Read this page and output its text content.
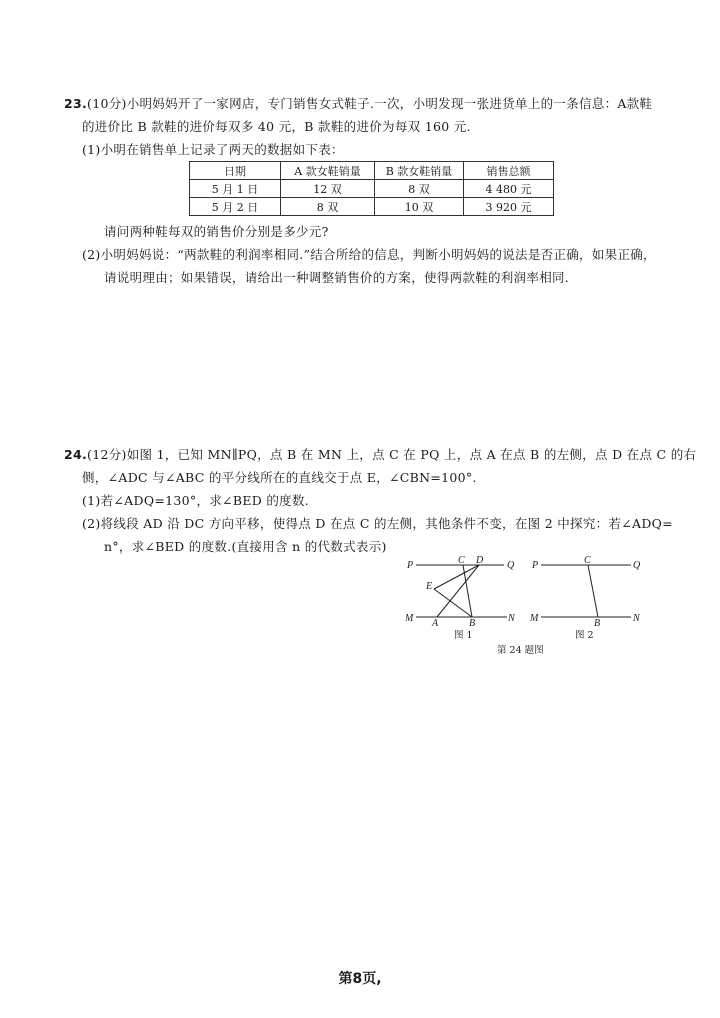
23.(10分)小明妈妈开了一家网店，专门销售女式鞋子.一次，小明发现一张进货单上的一条信息：A款鞋
的进价比 B 款鞋的进价每双多 40 元，B 款鞋的进价为每双 160 元.
(1)小明在销售单上记录了两天的数据如下表：
日期	A 款女鞋销量	B 款女鞋销量	销售总额
5 月 1 日	12 双	8 双	4 480 元
5 月 2 日	8 双	10 双	3 920 元
请问两种鞋每双的销售价分别是多少元?
(2)小明妈妈说：“两款鞋的利润率相同.”结合所给的信息，判断小明妈妈的说法是否正确，如果正确，
请说明理由；如果错误，请给出一种调整销售价的方案，使得两款鞋的利润率相同.
24.(12分)如图 1，已知 MN∥PQ，点 B 在 MN 上，点 C 在 PQ 上，点 A 在点 B 的左侧，点 D 在点 C 的右
侧，∠ADC 与∠ABC 的平分线所在的直线交于点 E，∠CBN=100°.
(1)若∠ADQ=130°，求∠BED 的度数.
(2)将线段 AD 沿 DC 方向平移，使得点 D 在点 C 的左侧，其他条件不变，在图 2 中探究：若∠ADQ=
n°，求∠BED 的度数.(直接用含 n 的代数式表示)
P	Q
M	N
A	B
C D
E
P	Q
M	N
B
C
图 1	图 2
第 24 题图
第8页,
